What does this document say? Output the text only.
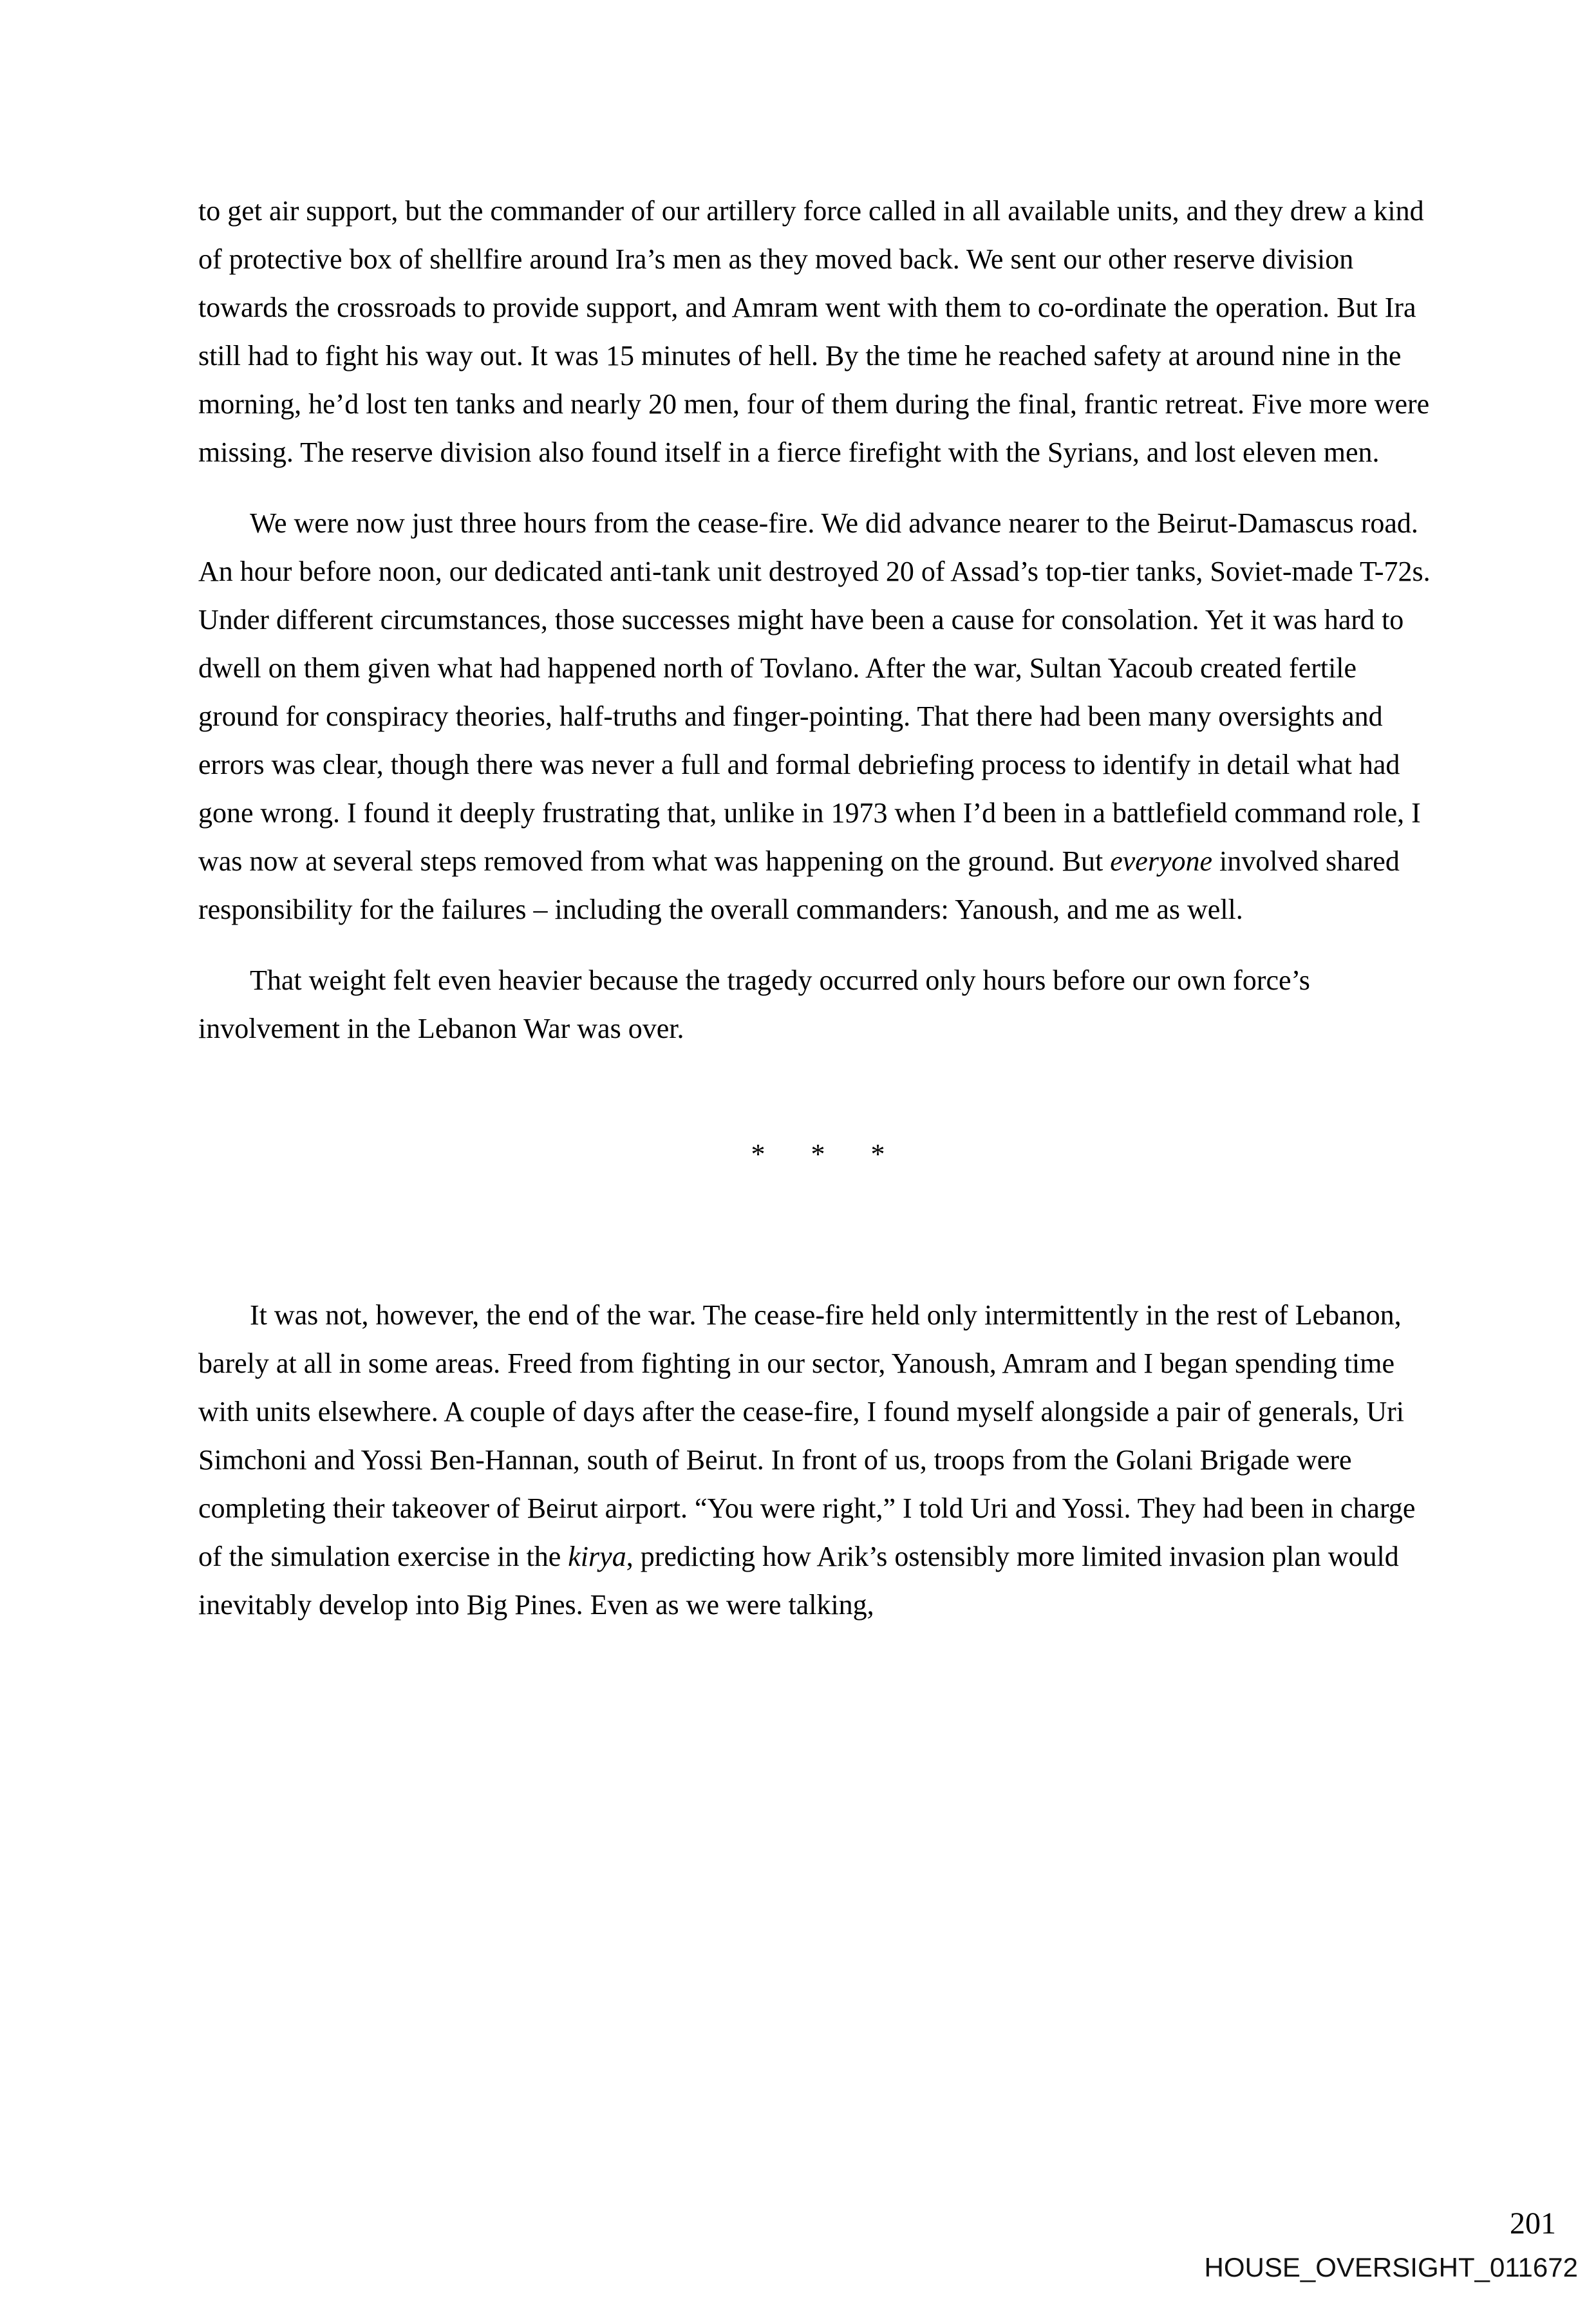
to get air support, but the commander of our artillery force called in all available units, and they drew a kind of protective box of shellfire around Ira’s men as they moved back. We sent our other reserve division towards the crossroads to provide support, and Amram went with them to co-ordinate the operation. But Ira still had to fight his way out. It was 15 minutes of hell. By the time he reached safety at around nine in the morning, he’d lost ten tanks and nearly 20 men, four of them during the final, frantic retreat. Five more were missing. The reserve division also found itself in a fierce firefight with the Syrians, and lost eleven men.

We were now just three hours from the cease-fire. We did advance nearer to the Beirut-Damascus road. An hour before noon, our dedicated anti-tank unit destroyed 20 of Assad’s top-tier tanks, Soviet-made T-72s. Under different circumstances, those successes might have been a cause for consolation. Yet it was hard to dwell on them given what had happened north of Tovlano. After the war, Sultan Yacoub created fertile ground for conspiracy theories, half-truths and finger-pointing. That there had been many oversights and errors was clear, though there was never a full and formal debriefing process to identify in detail what had gone wrong. I found it deeply frustrating that, unlike in 1973 when I’d been in a battlefield command role, I was now at several steps removed from what was happening on the ground. But everyone involved shared responsibility for the failures – including the overall commanders: Yanoush, and me as well.

That weight felt even heavier because the tragedy occurred only hours before our own force’s involvement in the Lebanon War was over.

* * *

It was not, however, the end of the war. The cease-fire held only intermittently in the rest of Lebanon, barely at all in some areas. Freed from fighting in our sector, Yanoush, Amram and I began spending time with units elsewhere. A couple of days after the cease-fire, I found myself alongside a pair of generals, Uri Simchoni and Yossi Ben-Hannan, south of Beirut. In front of us, troops from the Golani Brigade were completing their takeover of Beirut airport. “You were right,” I told Uri and Yossi. They had been in charge of the simulation exercise in the kirya, predicting how Arik’s ostensibly more limited invasion plan would inevitably develop into Big Pines. Even as we were talking,

201
HOUSE_OVERSIGHT_011672
